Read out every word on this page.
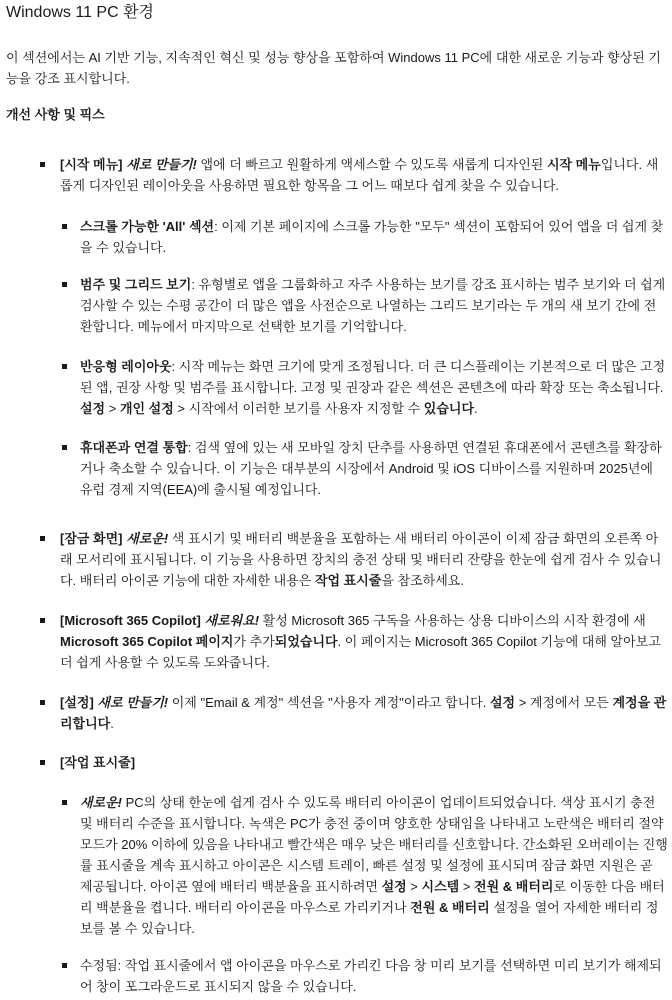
Windows 11 PC 환경

이 섹션에서는 AI 기반 기능, 지속적인 혁신 및 성능 향상을 포함하여 Windows 11 PC에 대한 새로운 기능과 향상된 기능을 강조 표시합니다.

개선 사항 및 픽스

[시작 메뉴] 새로 만들기! 앱에 더 빠르고 원활하게 액세스할 수 있도록 새롭게 디자인된 시작 메뉴입니다. 새롭게 디자인된 레이아웃을 사용하면 필요한 항목을 그 어느 때보다 쉽게 찾을 수 있습니다.

스크롤 가능한 'All' 섹션: 이제 기본 페이지에 스크롤 가능한 "모두" 섹션이 포함되어 있어 앱을 더 쉽게 찾을 수 있습니다.

범주 및 그리드 보기: 유형별로 앱을 그룹화하고 자주 사용하는 보기를 강조 표시하는 범주 보기와 더 쉽게 검사할 수 있는 수평 공간이 더 많은 앱을 사전순으로 나열하는 그리드 보기라는 두 개의 새 보기 간에 전환합니다. 메뉴에서 마지막으로 선택한 보기를 기억합니다.

반응형 레이아웃: 시작 메뉴는 화면 크기에 맞게 조정됩니다. 더 큰 디스플레이는 기본적으로 더 많은 고정된 앱, 권장 사항 및 범주를 표시합니다. 고정 및 권장과 같은 섹션은 콘텐츠에 따라 확장 또는 축소됩니다. 설정 > 개인 설정 > 시작에서 이러한 보기를 사용자 지정할 수 있습니다.

휴대폰과 연결 통합: 검색 옆에 있는 새 모바일 장치 단추를 사용하면 연결된 휴대폰에서 콘텐츠를 확장하거나 축소할 수 있습니다. 이 기능은 대부분의 시장에서 Android 및 iOS 디바이스를 지원하며 2025년에 유럽 경제 지역(EEA)에 출시될 예정입니다.

[잠금 화면] 새로운! 색 표시기 및 배터리 백분율을 포함하는 새 배터리 아이콘이 이제 잠금 화면의 오른쪽 아래 모서리에 표시됩니다. 이 기능을 사용하면 장치의 충전 상태 및 배터리 잔량을 한눈에 쉽게 검사 수 있습니다. 배터리 아이콘 기능에 대한 자세한 내용은 작업 표시줄을 참조하세요.

[Microsoft 365 Copilot] 새로워요! 활성 Microsoft 365 구독을 사용하는 상용 디바이스의 시작 환경에 새 Microsoft 365 Copilot 페이지가 추가되었습니다. 이 페이지는 Microsoft 365 Copilot 기능에 대해 알아보고 더 쉽게 사용할 수 있도록 도와줍니다.

[설정] 새로 만들기! 이제 "Email & 계정" 섹션을 "사용자 계정"이라고 합니다. 설정 > 계정에서 모든 계정을 관리합니다.

[작업 표시줄]

새로운! PC의 상태 한눈에 쉽게 검사 수 있도록 배터리 아이콘이 업데이트되었습니다. 색상 표시기 충전 및 배터리 수준을 표시합니다. 녹색은 PC가 충전 중이며 양호한 상태임을 나타내고 노란색은 배터리 절약 모드가 20% 이하에 있음을 나타내고 빨간색은 매우 낮은 배터리를 신호합니다. 간소화된 오버레이는 진행률 표시줄을 계속 표시하고 아이콘은 시스템 트레이, 빠른 설정 및 설정에 표시되며 잠금 화면 지원은 곧 제공됩니다. 아이콘 옆에 배터리 백분율을 표시하려면 설정 > 시스템 > 전원 & 배터리로 이동한 다음 배터리 백분율을 켭니다. 배터리 아이콘을 마우스로 가리키거나 전원 & 배터리 설정을 열어 자세한 배터리 정보를 볼 수 있습니다.

수정됨: 작업 표시줄에서 앱 아이콘을 마우스로 가리킨 다음 창 미리 보기를 선택하면 미리 보기가 해제되어 창이 포그라운드로 표시되지 않을 수 있습니다.
